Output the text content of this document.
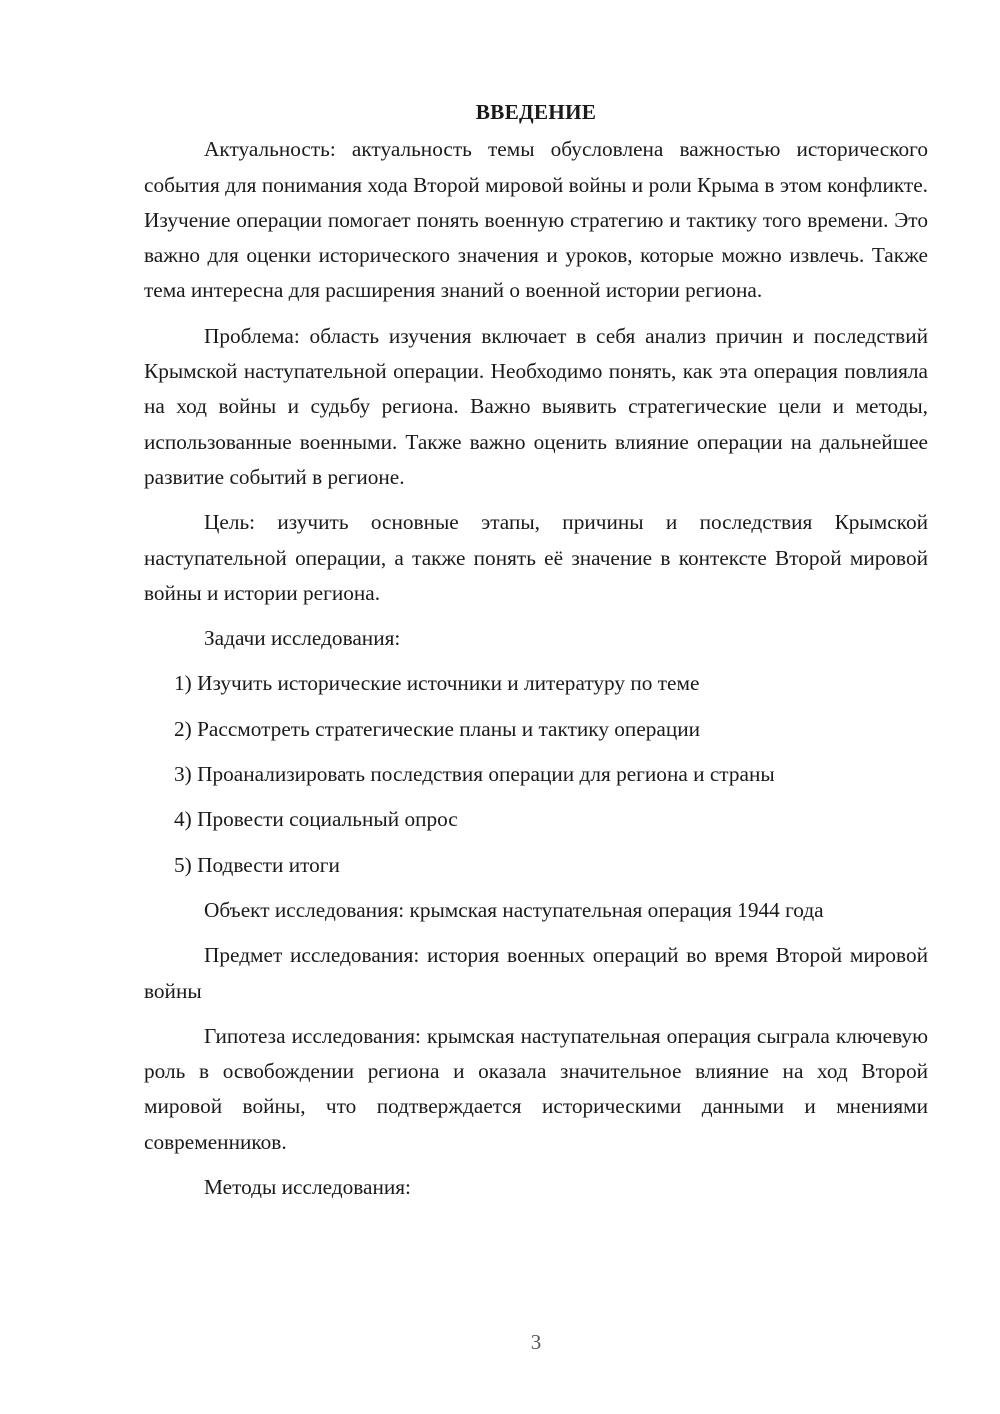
ВВЕДЕНИЕ

Актуальность: актуальность темы обусловлена важностью исторического события для понимания хода Второй мировой войны и роли Крыма в этом конфликте. Изучение операции помогает понять военную стратегию и тактику того времени. Это важно для оценки исторического значения и уроков, которые можно извлечь. Также тема интересна для расширения знаний о военной истории региона.

Проблема: область изучения включает в себя анализ причин и последствий Крымской наступательной операции. Необходимо понять, как эта операция повлияла на ход войны и судьбу региона. Важно выявить стратегические цели и методы, использованные военными. Также важно оценить влияние операции на дальнейшее развитие событий в регионе.

Цель: изучить основные этапы, причины и последствия Крымской наступательной операции, а также понять её значение в контексте Второй мировой войны и истории региона.

Задачи исследования:

1) Изучить исторические источники и литературу по теме
2) Рассмотреть стратегические планы и тактику операции
3) Проанализировать последствия операции для региона и страны
4) Провести социальный опрос
5) Подвести итоги

Объект исследования: крымская наступательная операция 1944 года

Предмет исследования: история военных операций во время Второй мировой войны

Гипотеза исследования: крымская наступательная операция сыграла ключевую роль в освобождении региона и оказала значительное влияние на ход Второй мировой войны, что подтверждается историческими данными и мнениями современников.

Методы исследования:

3
